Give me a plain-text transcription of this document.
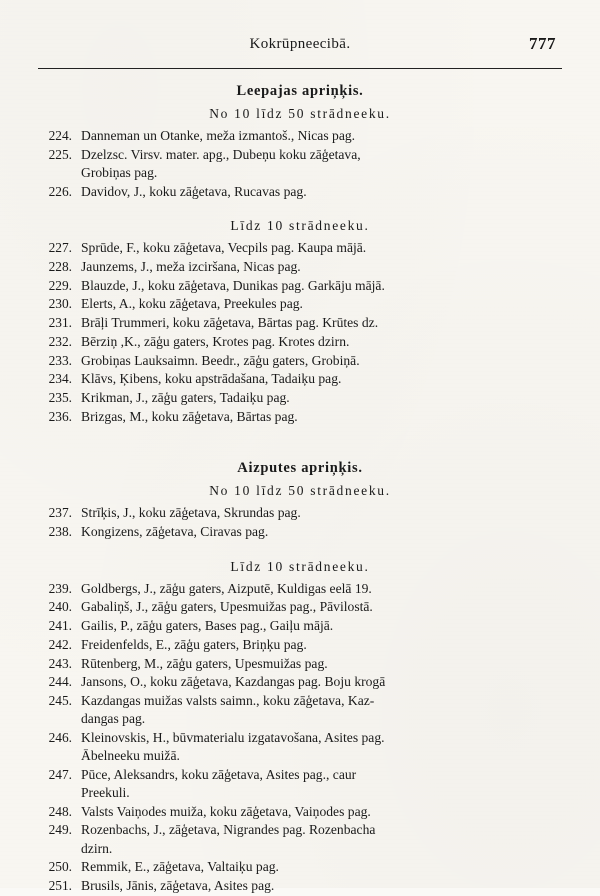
Kokrūpneecibā.	777
Leepajas apriņķis.
No 10 līdz 50 strādneeku.
224. Danneman un Otanke, meža izmantoš., Nicas pag.
225. Dzelzsc. Virsv. mater. apg., Dubeņu koku zāģetava,
Grobiņas pag.
226. Davidov, J., koku zāģetava, Rucavas pag.
Līdz 10 strādneeku.
227. Sprūde, F., koku zāģetava, Vecpils pag. Kaupa mājā.
228. Jaunzems, J., meža izciršana, Nicas pag.
229. Blauzde, J., koku zāģetava, Dunikas pag. Garkāju mājā.
230. Elerts, A., koku zāģetava, Preekules pag.
231. Brāļi Trummeri, koku zāģetava, Bārtas pag. Krūtes dz.
232. Bērziņ ,K., zāģu gaters, Krotes pag. Krotes dzirn.
233. Grobiņas Lauksaimn. Beedr., zāģu gaters, Grobiņā.
234. Klāvs, Ķibens, koku apstrādašana, Tadaiķu pag.
235. Krikman, J., zāģu gaters, Tadaiķu pag.
236. Brizgas, M., koku zāģetava, Bārtas pag.
Aizputes apriņķis.
No 10 līdz 50 strādneeku.
237. Strīķis, J., koku zāģetava, Skrundas pag.
238. Kongizens, zāģetava, Ciravas pag.
Līdz 10 strādneeku.
239. Goldbergs, J., zāģu gaters, Aizputē, Kuldigas eelā 19.
240. Gabaliņš, J., zāģu gaters, Upesmuižas pag., Pāvilostā.
241. Gailis, P., zāģu gaters, Bases pag., Gaiļu mājā.
242. Freidenfelds, E., zāģu gaters, Briņķu pag.
243. Rūtenberg, M., zāģu gaters, Upesmuižas pag.
244. Jansons, O., koku zāģetava, Kazdangas pag. Boju krogā
245. Kazdangas muižas valsts saimn., koku zāģetava, Kaz-
dangas pag.
246. Kleinovskis, H., būvmaterialu izgatavošana, Asites pag.
Ābelneeku muižā.
247. Pūce, Aleksandrs, koku zāģetava, Asites pag., caur
Preekuli.
248. Valsts Vaiņodes muiža, koku zāģetava, Vaiņodes pag.
249. Rozenbachs, J., zāģetava, Nigrandes pag. Rozenbacha
dzirn.
250. Remmik, E., zāģetava, Valtaiķu pag.
251. Brusils, Jānis, zāģetava, Asites pag.
